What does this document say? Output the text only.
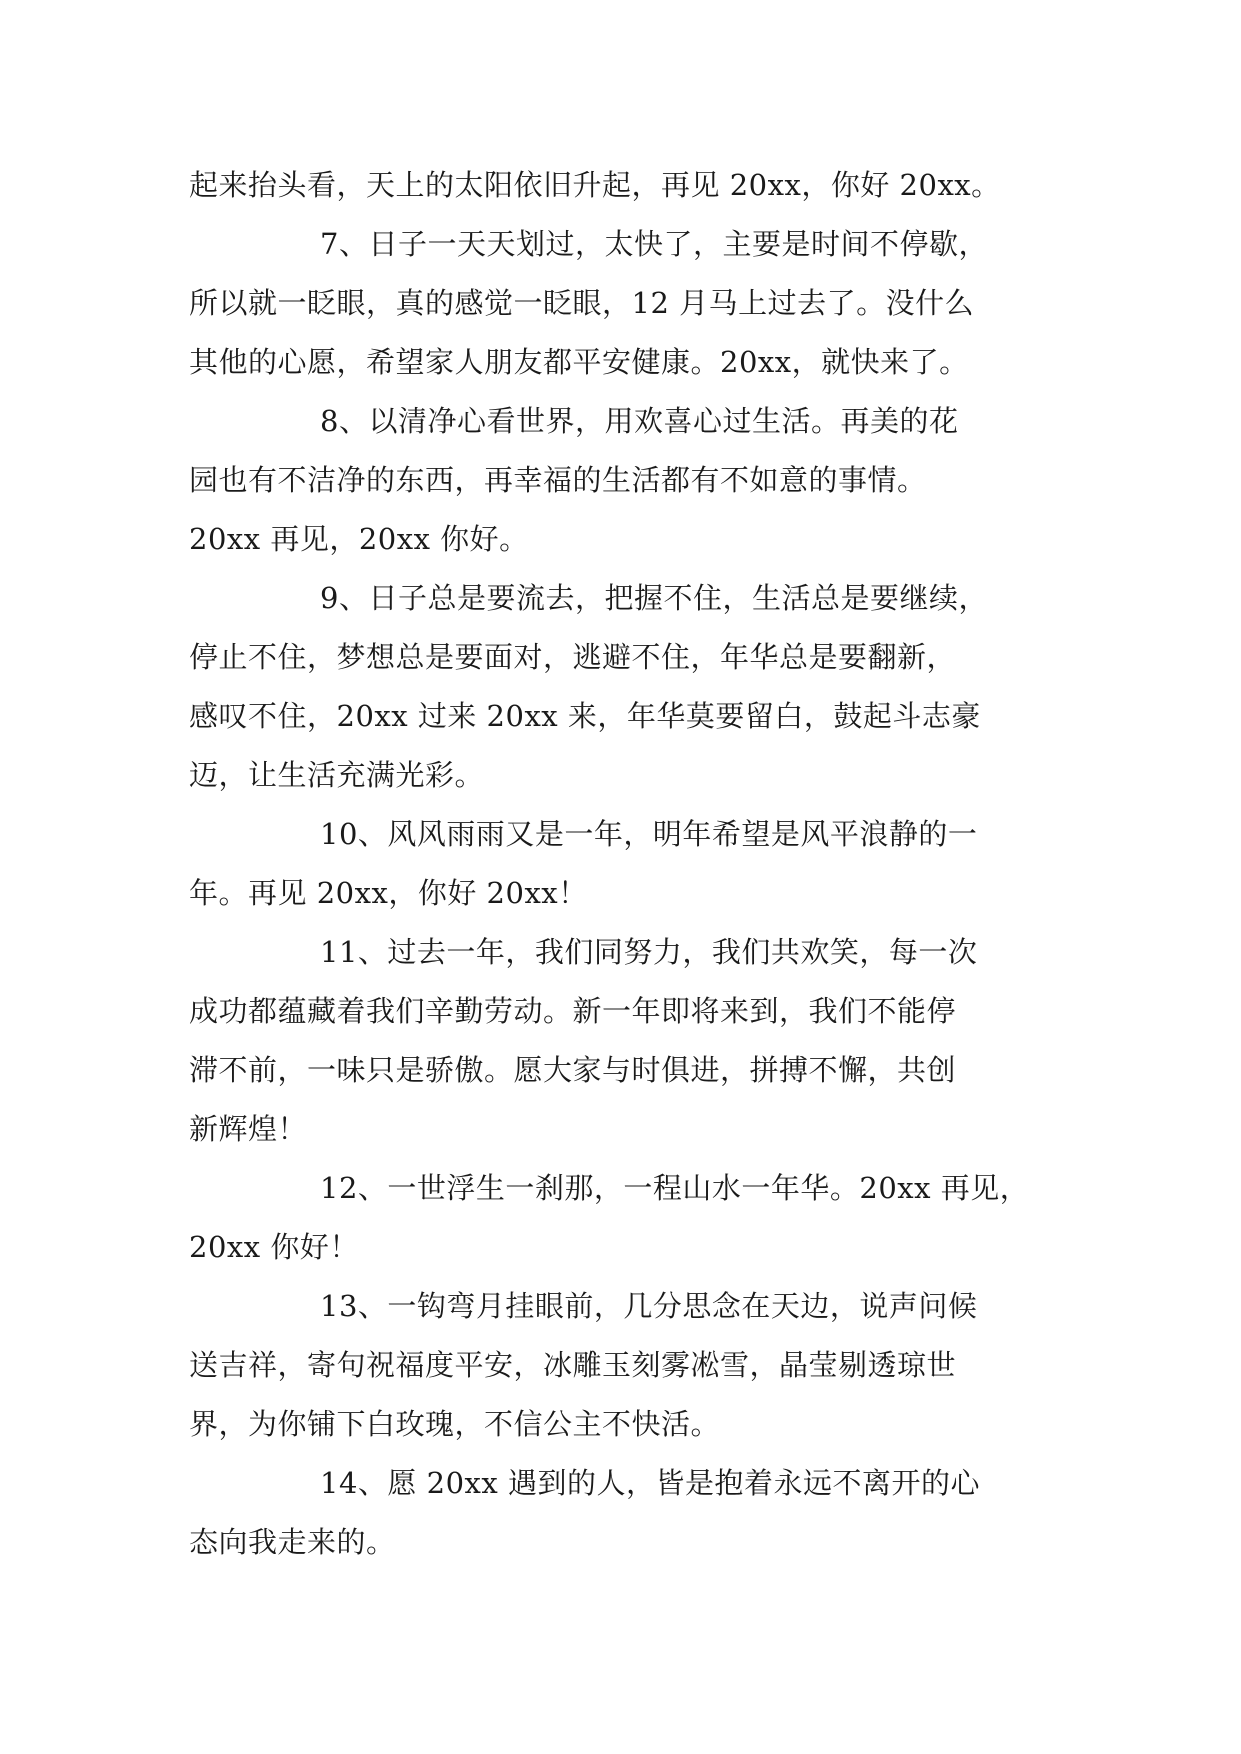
起来抬头看，天上的太阳依旧升起，再见 20xx，你好 20xx。
7、日子一天天划过，太快了，主要是时间不停歇，
所以就一眨眼，真的感觉一眨眼，12 月马上过去了。没什么
其他的心愿，希望家人朋友都平安健康。20xx，就快来了。
8、以清净心看世界，用欢喜心过生活。再美的花
园也有不洁净的东西，再幸福的生活都有不如意的事情。
20xx 再见，20xx 你好。
9、日子总是要流去，把握不住，生活总是要继续，
停止不住，梦想总是要面对，逃避不住，年华总是要翻新，
感叹不住，20xx 过来 20xx 来，年华莫要留白，鼓起斗志豪
迈，让生活充满光彩。
10、风风雨雨又是一年，明年希望是风平浪静的一
年。再见 20xx，你好 20xx！
11、过去一年，我们同努力，我们共欢笑，每一次
成功都蕴藏着我们辛勤劳动。新一年即将来到，我们不能停
滞不前，一味只是骄傲。愿大家与时俱进，拼搏不懈，共创
新辉煌！
12、一世浮生一刹那，一程山水一年华。20xx 再见，
20xx 你好！
13、一钩弯月挂眼前，几分思念在天边，说声问候
送吉祥，寄句祝福度平安，冰雕玉刻雾凇雪，晶莹剔透琼世
界，为你铺下白玫瑰，不信公主不快活。
14、愿 20xx 遇到的人，皆是抱着永远不离开的心
态向我走来的。
